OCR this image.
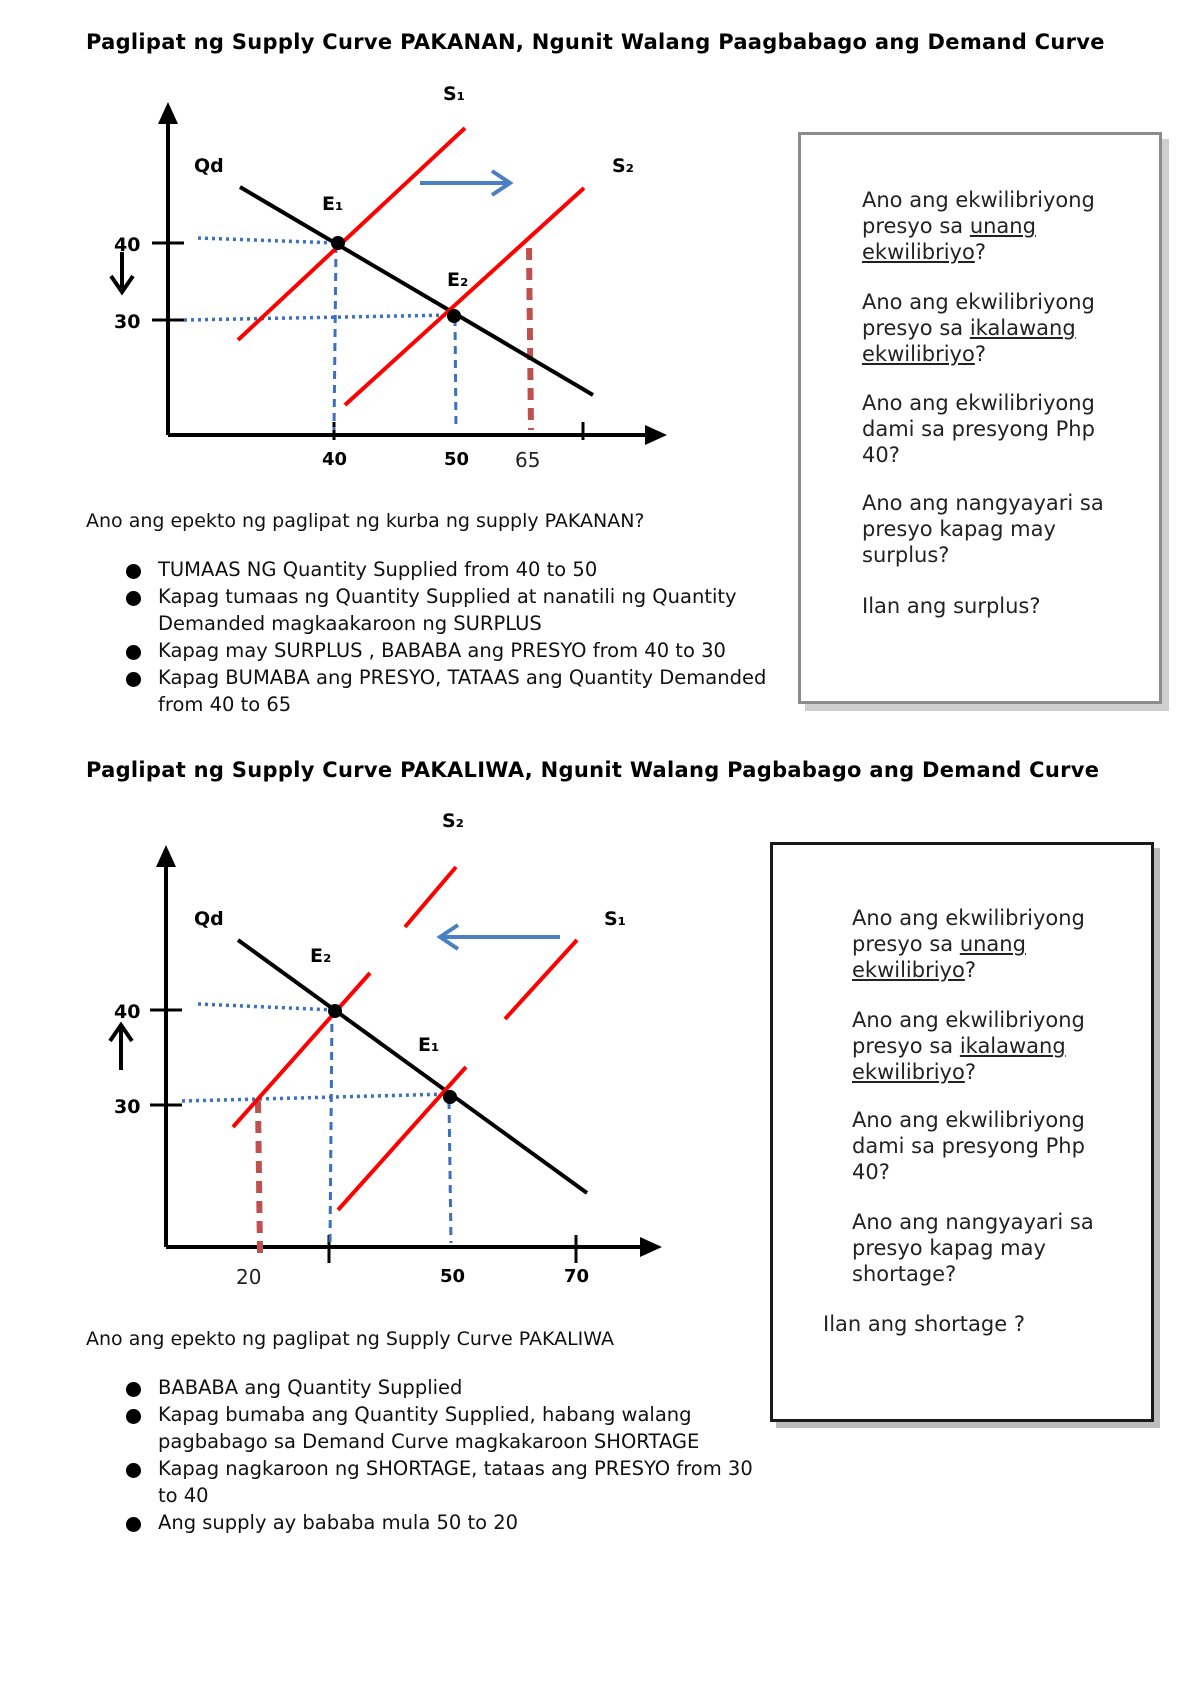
Paglipat ng Supply Curve PAKANAN, Ngunit Walang Paagbabago ang Demand Curve
Qd
S₁
S₂
E₁
E₂
40
30
40	50 65
Ano ang epekto ng paglipat ng kurba ng supply PAKANAN?
TUMAAS NG Quantity Supplied from 40 to 50
Kapag tumaas ng Quantity Supplied at nanatili ng Quantity Demanded magkaakaroon ng SURPLUS
Kapag may SURPLUS , BABABA ang PRESYO from 40 to 30
Kapag BUMABA ang PRESYO, TATAAS ang Quantity Demanded from 40 to 65

Ano ang ekwilibriyong presyo sa unang ekwilibriyo?

Ano ang ekwilibriyong presyo sa ikalawang ekwilibriyo?

Ano ang ekwilibriyong dami sa presyong Php 40?

Ano ang nangyayari sa presyo kapag may surplus?

Ilan ang surplus?

Paglipat ng Supply Curve PAKALIWA, Ngunit Walang Pagbabago ang Demand Curve
Qd
S₂
S₁
E₂
E₁
40
30
20	50	70
Ano ang epekto ng paglipat ng Supply Curve PAKALIWA
BABABA ang Quantity Supplied
Kapag bumaba ang Quantity Supplied, habang walang pagbabago sa Demand Curve magkakaroon SHORTAGE
Kapag nagkaroon ng SHORTAGE, tataas ang PRESYO from 30 to 40
Ang supply ay bababa mula 50 to 20

Ano ang ekwilibriyong presyo sa unang ekwilibriyo?

Ano ang ekwilibriyong presyo sa ikalawang ekwilibriyo?

Ano ang ekwilibriyong dami sa presyong Php 40?

Ano ang nangyayari sa presyo kapag may shortage?

Ilan ang shortage ?
